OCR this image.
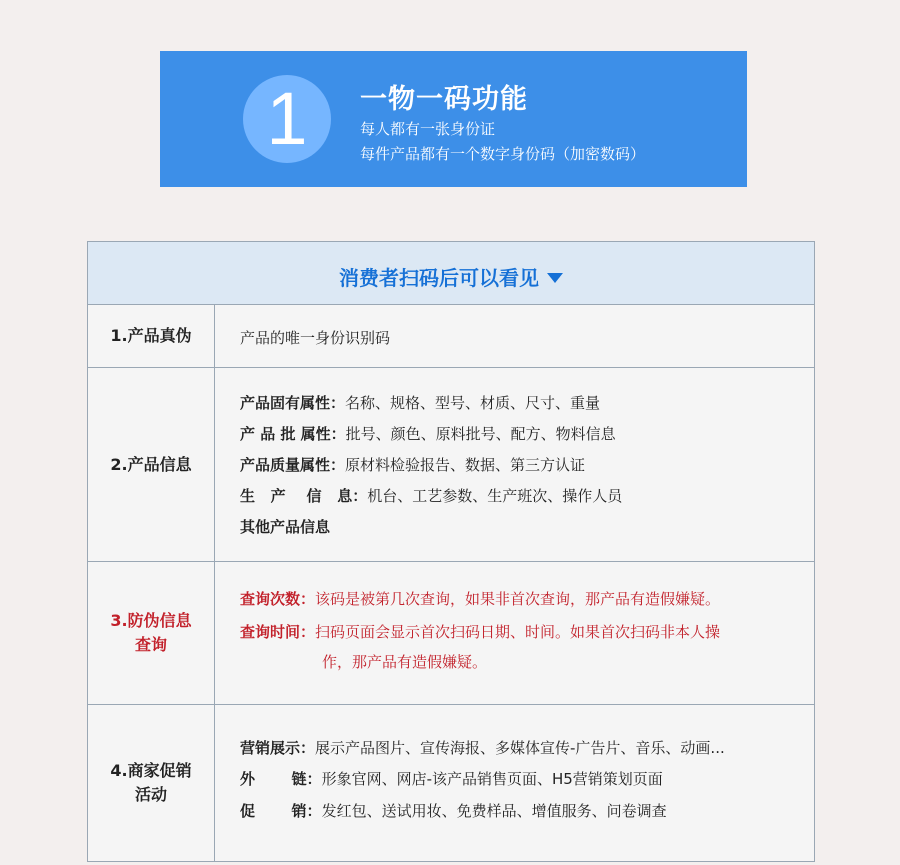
1	一物一码功能
每人都有一张身份证
每件产品都有一个数字身份码（加密数码）
消费者扫码后可以看见
1.产品真伪	产品的唯一身份识别码
2.产品信息
产品固有属性：名称、规格、型号、材质、尺寸、重量
产 品 批 属性：批号、颜色、原料批号、配方、物料信息
产品质量属性：原材料检验报告、数据、第三方认证
生   产    信   息：机台、工艺参数、生产班次、操作人员
其他产品信息
3.防伪信息
查询
查询次数：该码是被第几次查询，如果非首次查询，那产品有造假嫌疑。
查询时间：扫码页面会显示首次扫码日期、时间。如果首次扫码非本人操
作，那产品有造假嫌疑。
4.商家促销
活动
营销展示：展示产品图片、宣传海报、多媒体宣传-广告片、音乐、动画...
外       链：形象官网、网店-该产品销售页面、H5营销策划页面
促       销：发红包、送试用妆、免费样品、增值服务、问卷调查
